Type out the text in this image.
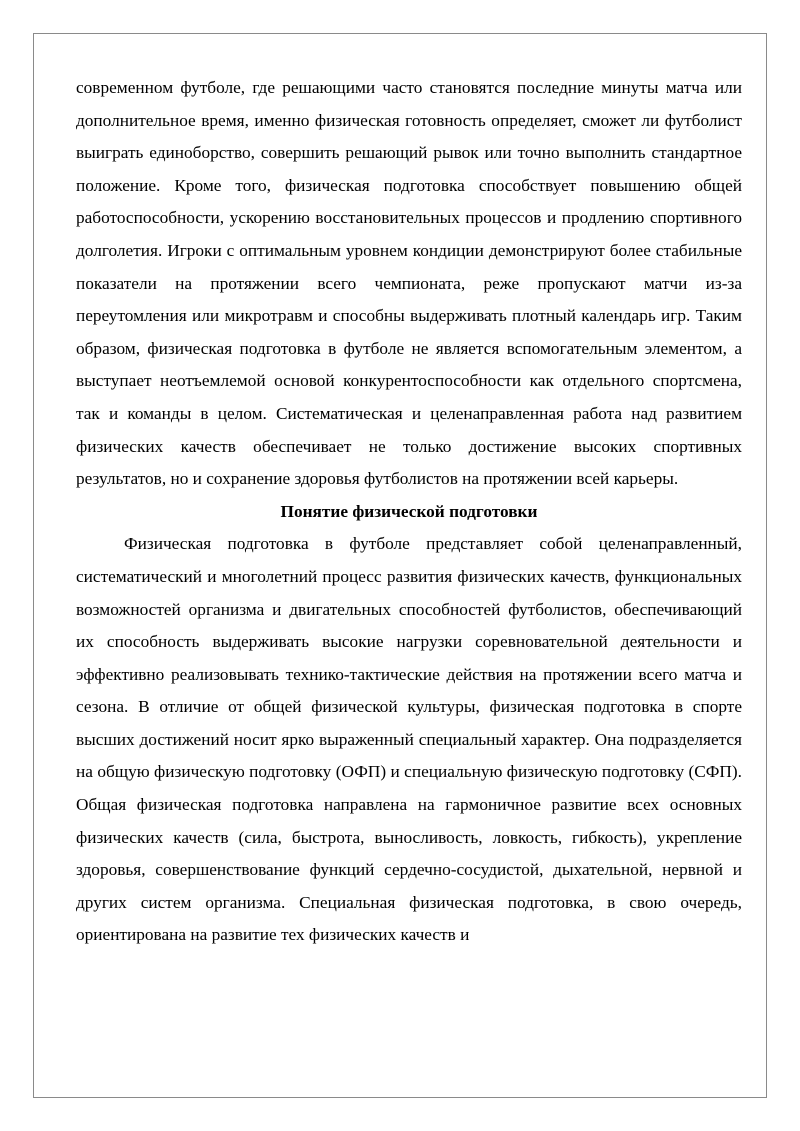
современном футболе, где решающими часто становятся последние минуты матча или дополнительное время, именно физическая готовность определяет, сможет ли футболист выиграть единоборство, совершить решающий рывок или точно выполнить стандартное положение. Кроме того, физическая подготовка способствует повышению общей работоспособности, ускорению восстановительных процессов и продлению спортивного долголетия. Игроки с оптимальным уровнем кондиции демонстрируют более стабильные показатели на протяжении всего чемпионата, реже пропускают матчи из-за переутомления или микротравм и способны выдерживать плотный календарь игр. Таким образом, физическая подготовка в футболе не является вспомогательным элементом, а выступает неотъемлемой основой конкурентоспособности как отдельного спортсмена, так и команды в целом. Систематическая и целенаправленная работа над развитием физических качеств обеспечивает не только достижение высоких спортивных результатов, но и сохранение здоровья футболистов на протяжении всей карьеры.

Понятие физической подготовки

Физическая подготовка в футболе представляет собой целенаправленный, систематический и многолетний процесс развития физических качеств, функциональных возможностей организма и двигательных способностей футболистов, обеспечивающий их способность выдерживать высокие нагрузки соревновательной деятельности и эффективно реализовывать технико-тактические действия на протяжении всего матча и сезона. В отличие от общей физической культуры, физическая подготовка в спорте высших достижений носит ярко выраженный специальный характер. Она подразделяется на общую физическую подготовку (ОФП) и специальную физическую подготовку (СФП). Общая физическая подготовка направлена на гармоничное развитие всех основных физических качеств (сила, быстрота, выносливость, ловкость, гибкость), укрепление здоровья, совершенствование функций сердечно-сосудистой, дыхательной, нервной и других систем организма. Специальная физическая подготовка, в свою очередь, ориентирована на развитие тех физических качеств и
